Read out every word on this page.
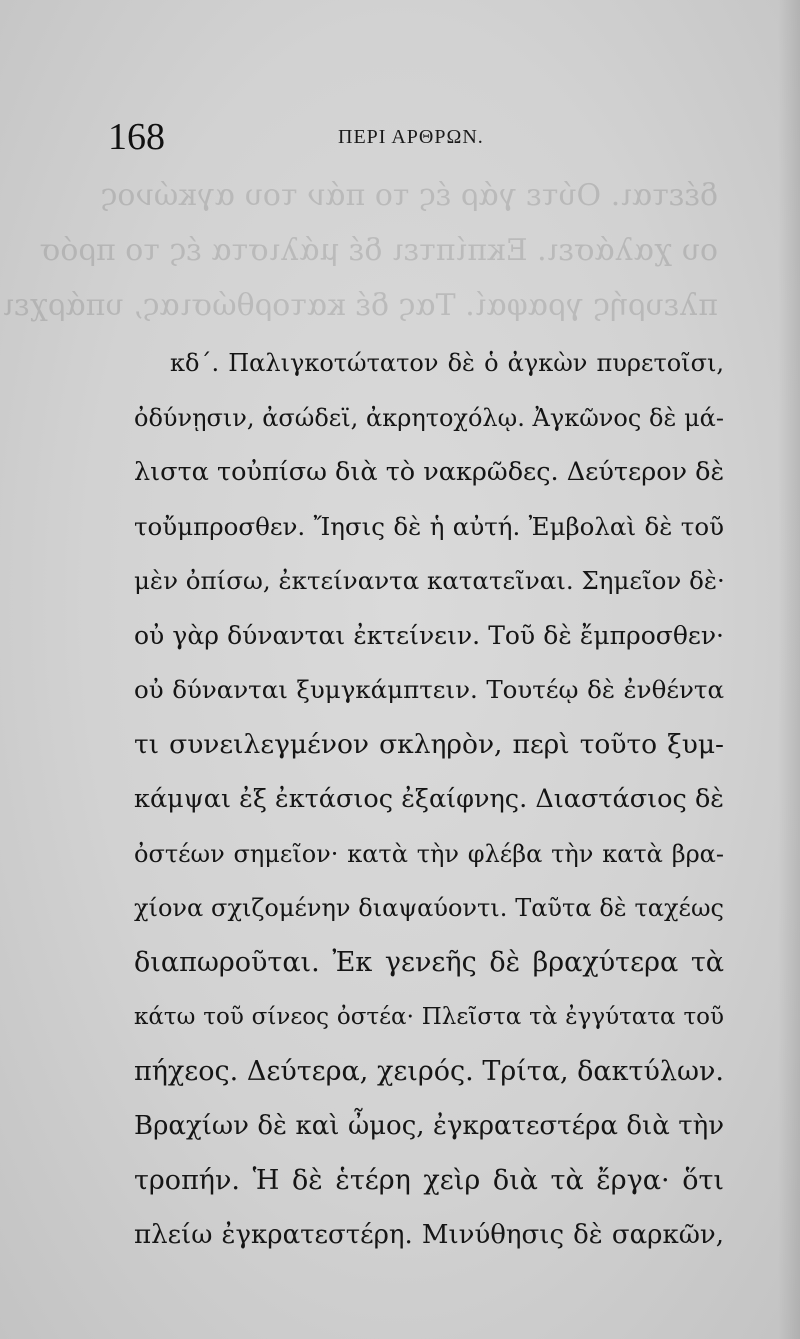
δέεται. Ούτε γάρ ές το πάν του αγκώνος
ου χαλάσει. Εκπίπτει δέ μάλιστα ές το πρόσ
πλευρής γραφαί. Τας δέ κατορθώσιας, υπάρχει
168	ΠΕΡΙ ΑΡΘΡΩΝ.
κδ΄. Παλιγκοτώτατον δὲ ὁ ἀγκὼν πυρετοῖσι,
ὀδύνῃσιν, ἀσώδεϊ, ἀκρητοχόλῳ. Ἀγκῶνος δὲ μά-
λιστα τοὐπίσω διὰ τὸ νακρῶδες. Δεύτερον δὲ
τοὔμπροσθεν. Ἴησις δὲ ἡ αὐτή. Ἐμβολαὶ δὲ τοῦ
μὲν ὀπίσω, ἐκτείναντα κατατεῖναι. Σημεῖον δὲ·
οὐ γὰρ δύνανται ἐκτείνειν. Τοῦ δὲ ἔμπροσθεν·
οὐ δύνανται ξυμγκάμπτειν. Τουτέῳ δὲ ἐνθέντα
τι συνειλεγμένον σκληρὸν, περὶ τοῦτο ξυμ-
κάμψαι ἐξ ἐκτάσιος ἐξαίφνης. Διαστάσιος δὲ
ὀστέων σημεῖον· κατὰ τὴν φλέβα τὴν κατὰ βρα-
χίονα σχιζομένην διαψαύοντι. Ταῦτα δὲ ταχέως
διαπωροῦται. Ἐκ γενεῆς δὲ βραχύτερα τὰ
κάτω τοῦ σίνεος ὀστέα· Πλεῖστα τὰ ἐγγύτατα τοῦ
πήχεος. Δεύτερα, χειρός. Τρίτα, δακτύλων.
Βραχίων δὲ καὶ ὦμος, ἐγκρατεστέρα διὰ τὴν
τροπήν. Ἡ δὲ ἑτέρη χεὶρ διὰ τὰ ἔργα· ὅτι
πλείω ἐγκρατεστέρη. Μινύθησις δὲ σαρκῶν,
